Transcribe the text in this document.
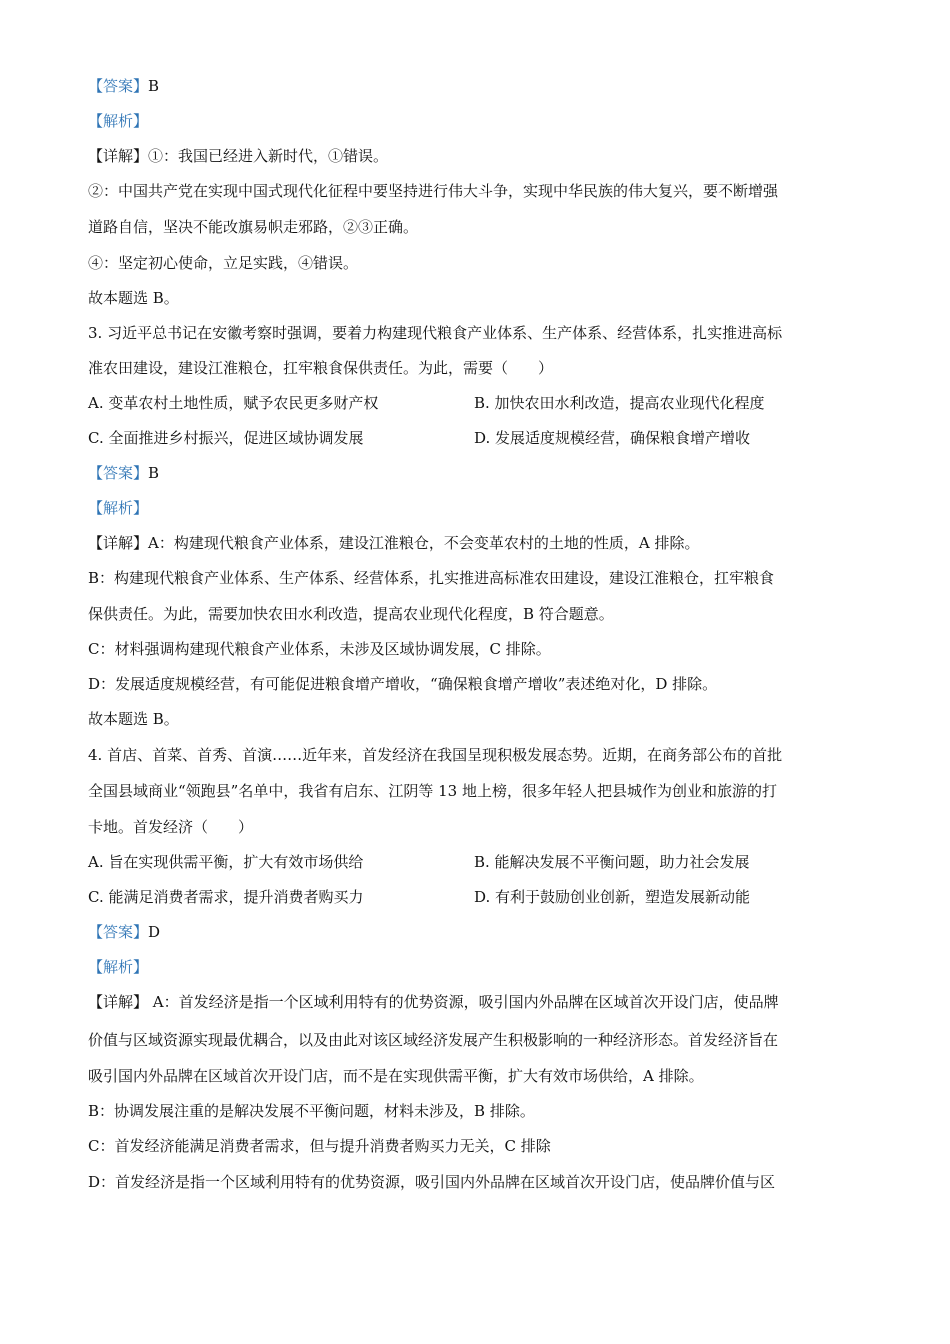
【答案】B
【解析】
【详解】①：我国已经进入新时代，①错误。
②：中国共产党在实现中国式现代化征程中要坚持进行伟大斗争，实现中华民族的伟大复兴，要不断增强
道路自信，坚决不能改旗易帜走邪路，②③正确。
④：坚定初心使命，立足实践，④错误。
故本题选 B。
3. 习近平总书记在安徽考察时强调，要着力构建现代粮食产业体系、生产体系、经营体系，扎实推进高标
准农田建设，建设江淮粮仓，扛牢粮食保供责任。为此，需要（　　）
A. 变革农村土地性质，赋予农民更多财产权	B. 加快农田水利改造，提高农业现代化程度
C. 全面推进乡村振兴，促进区域协调发展	D. 发展适度规模经营，确保粮食增产增收
【答案】B
【解析】
【详解】A：构建现代粮食产业体系，建设江淮粮仓，不会变革农村的土地的性质，A 排除。
B：构建现代粮食产业体系、生产体系、经营体系，扎实推进高标准农田建设，建设江淮粮仓，扛牢粮食
保供责任。为此，需要加快农田水利改造，提高农业现代化程度，B 符合题意。
C：材料强调构建现代粮食产业体系，未涉及区域协调发展，C 排除。
D：发展适度规模经营，有可能促进粮食增产增收，“确保粮食增产增收”表述绝对化，D 排除。
故本题选 B。
4. 首店、首菜、首秀、首演……近年来，首发经济在我国呈现积极发展态势。近期，在商务部公布的首批
全国县域商业“领跑县”名单中，我省有启东、江阴等 13 地上榜，很多年轻人把县城作为创业和旅游的打
卡地。首发经济（　　）
A. 旨在实现供需平衡，扩大有效市场供给	B. 能解决发展不平衡问题，助力社会发展
C. 能满足消费者需求，提升消费者购买力	D. 有利于鼓励创业创新，塑造发展新动能
【答案】D
【解析】
【详解】 A：首发经济是指一个区域利用特有的优势资源，吸引国内外品牌在区域首次开设门店，使品牌
价值与区域资源实现最优耦合，以及由此对该区域经济发展产生积极影响的一种经济形态。首发经济旨在
吸引国内外品牌在区域首次开设门店，而不是在实现供需平衡，扩大有效市场供给，A 排除。
B：协调发展注重的是解决发展不平衡问题，材料未涉及，B 排除。
C：首发经济能满足消费者需求，但与提升消费者购买力无关，C 排除
D：首发经济是指一个区域利用特有的优势资源，吸引国内外品牌在区域首次开设门店，使品牌价值与区
